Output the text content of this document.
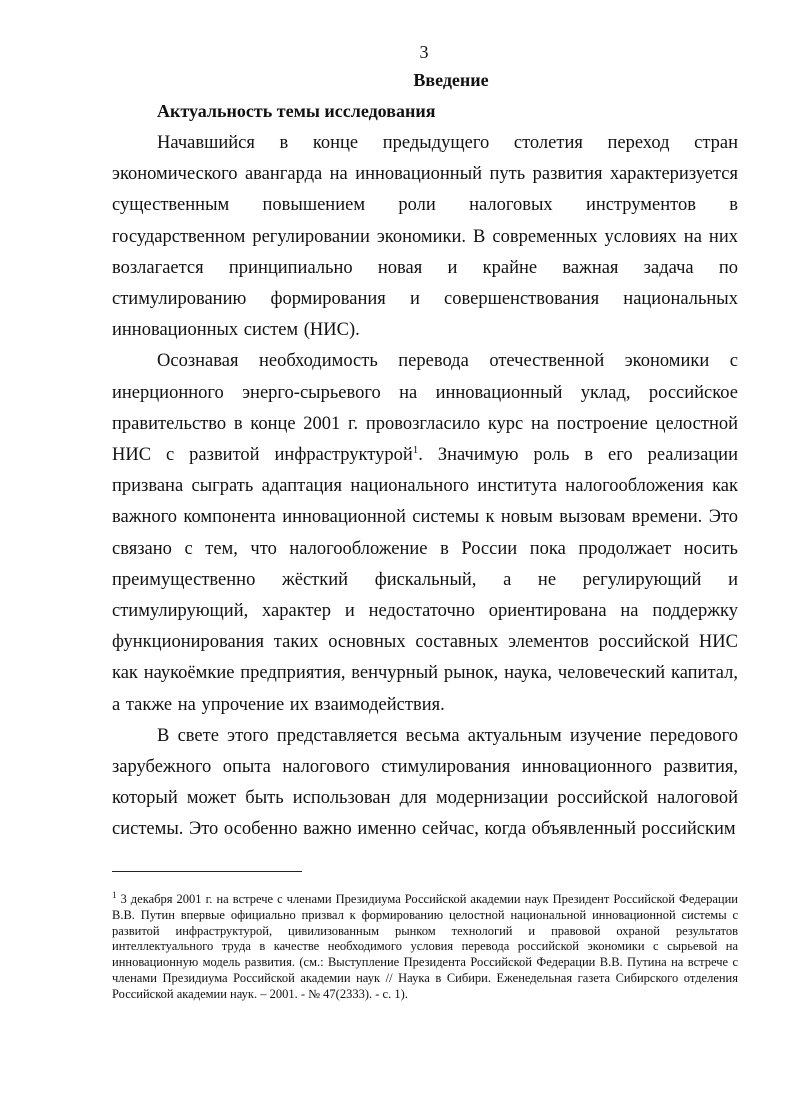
3
Введение
Актуальность темы исследования

Начавшийся в конце предыдущего столетия переход стран экономического авангарда на инновационный путь развития характеризуется существенным повышением роли налоговых инструментов в государственном регулировании экономики. В современных условиях на них возлагается принципиально новая и крайне важная задача по стимулированию формирования и совершенствования национальных инновационных систем (НИС).

Осознавая необходимость перевода отечественной экономики с инерционного энерго-сырьевого на инновационный уклад, российское правительство в конце 2001 г. провозгласило курс на построение целостной НИС с развитой инфраструктурой$^1$. Значимую роль в его реализации призвана сыграть адаптация национального института налогообложения как важного компонента инновационной системы к новым вызовам времени. Это связано с тем, что налогообложение в России пока продолжает носить преимущественно жёсткий фискальный, а не регулирующий и стимулирующий, характер и недостаточно ориентирована на поддержку функционирования таких основных составных элементов российской НИС как наукоёмкие предприятия, венчурный рынок, наука, человеческий капитал, а также на упрочение их взаимодействия.

В свете этого представляется весьма актуальным изучение передового зарубежного опыта налогового стимулирования инновационного развития, который может быть использован для модернизации российской налоговой системы. Это особенно важно именно сейчас, когда объявленный российским

$^1$ 3 декабря 2001 г. на встрече с членами Президиума Российской академии наук Президент Российской Федерации В.В. Путин впервые официально призвал к формированию целостной национальной инновационной системы с развитой инфраструктурой, цивилизованным рынком технологий и правовой охраной результатов интеллектуального труда в качестве необходимого условия перевода российской экономики с сырьевой на инновационную модель развития. (см.: Выступление Президента Российской Федерации В.В. Путина на встрече с членами Президиума Российской академии наук // Наука в Сибири. Еженедельная газета Сибирского отделения Российской академии наук. – 2001. - № 47(2333). - с. 1).
